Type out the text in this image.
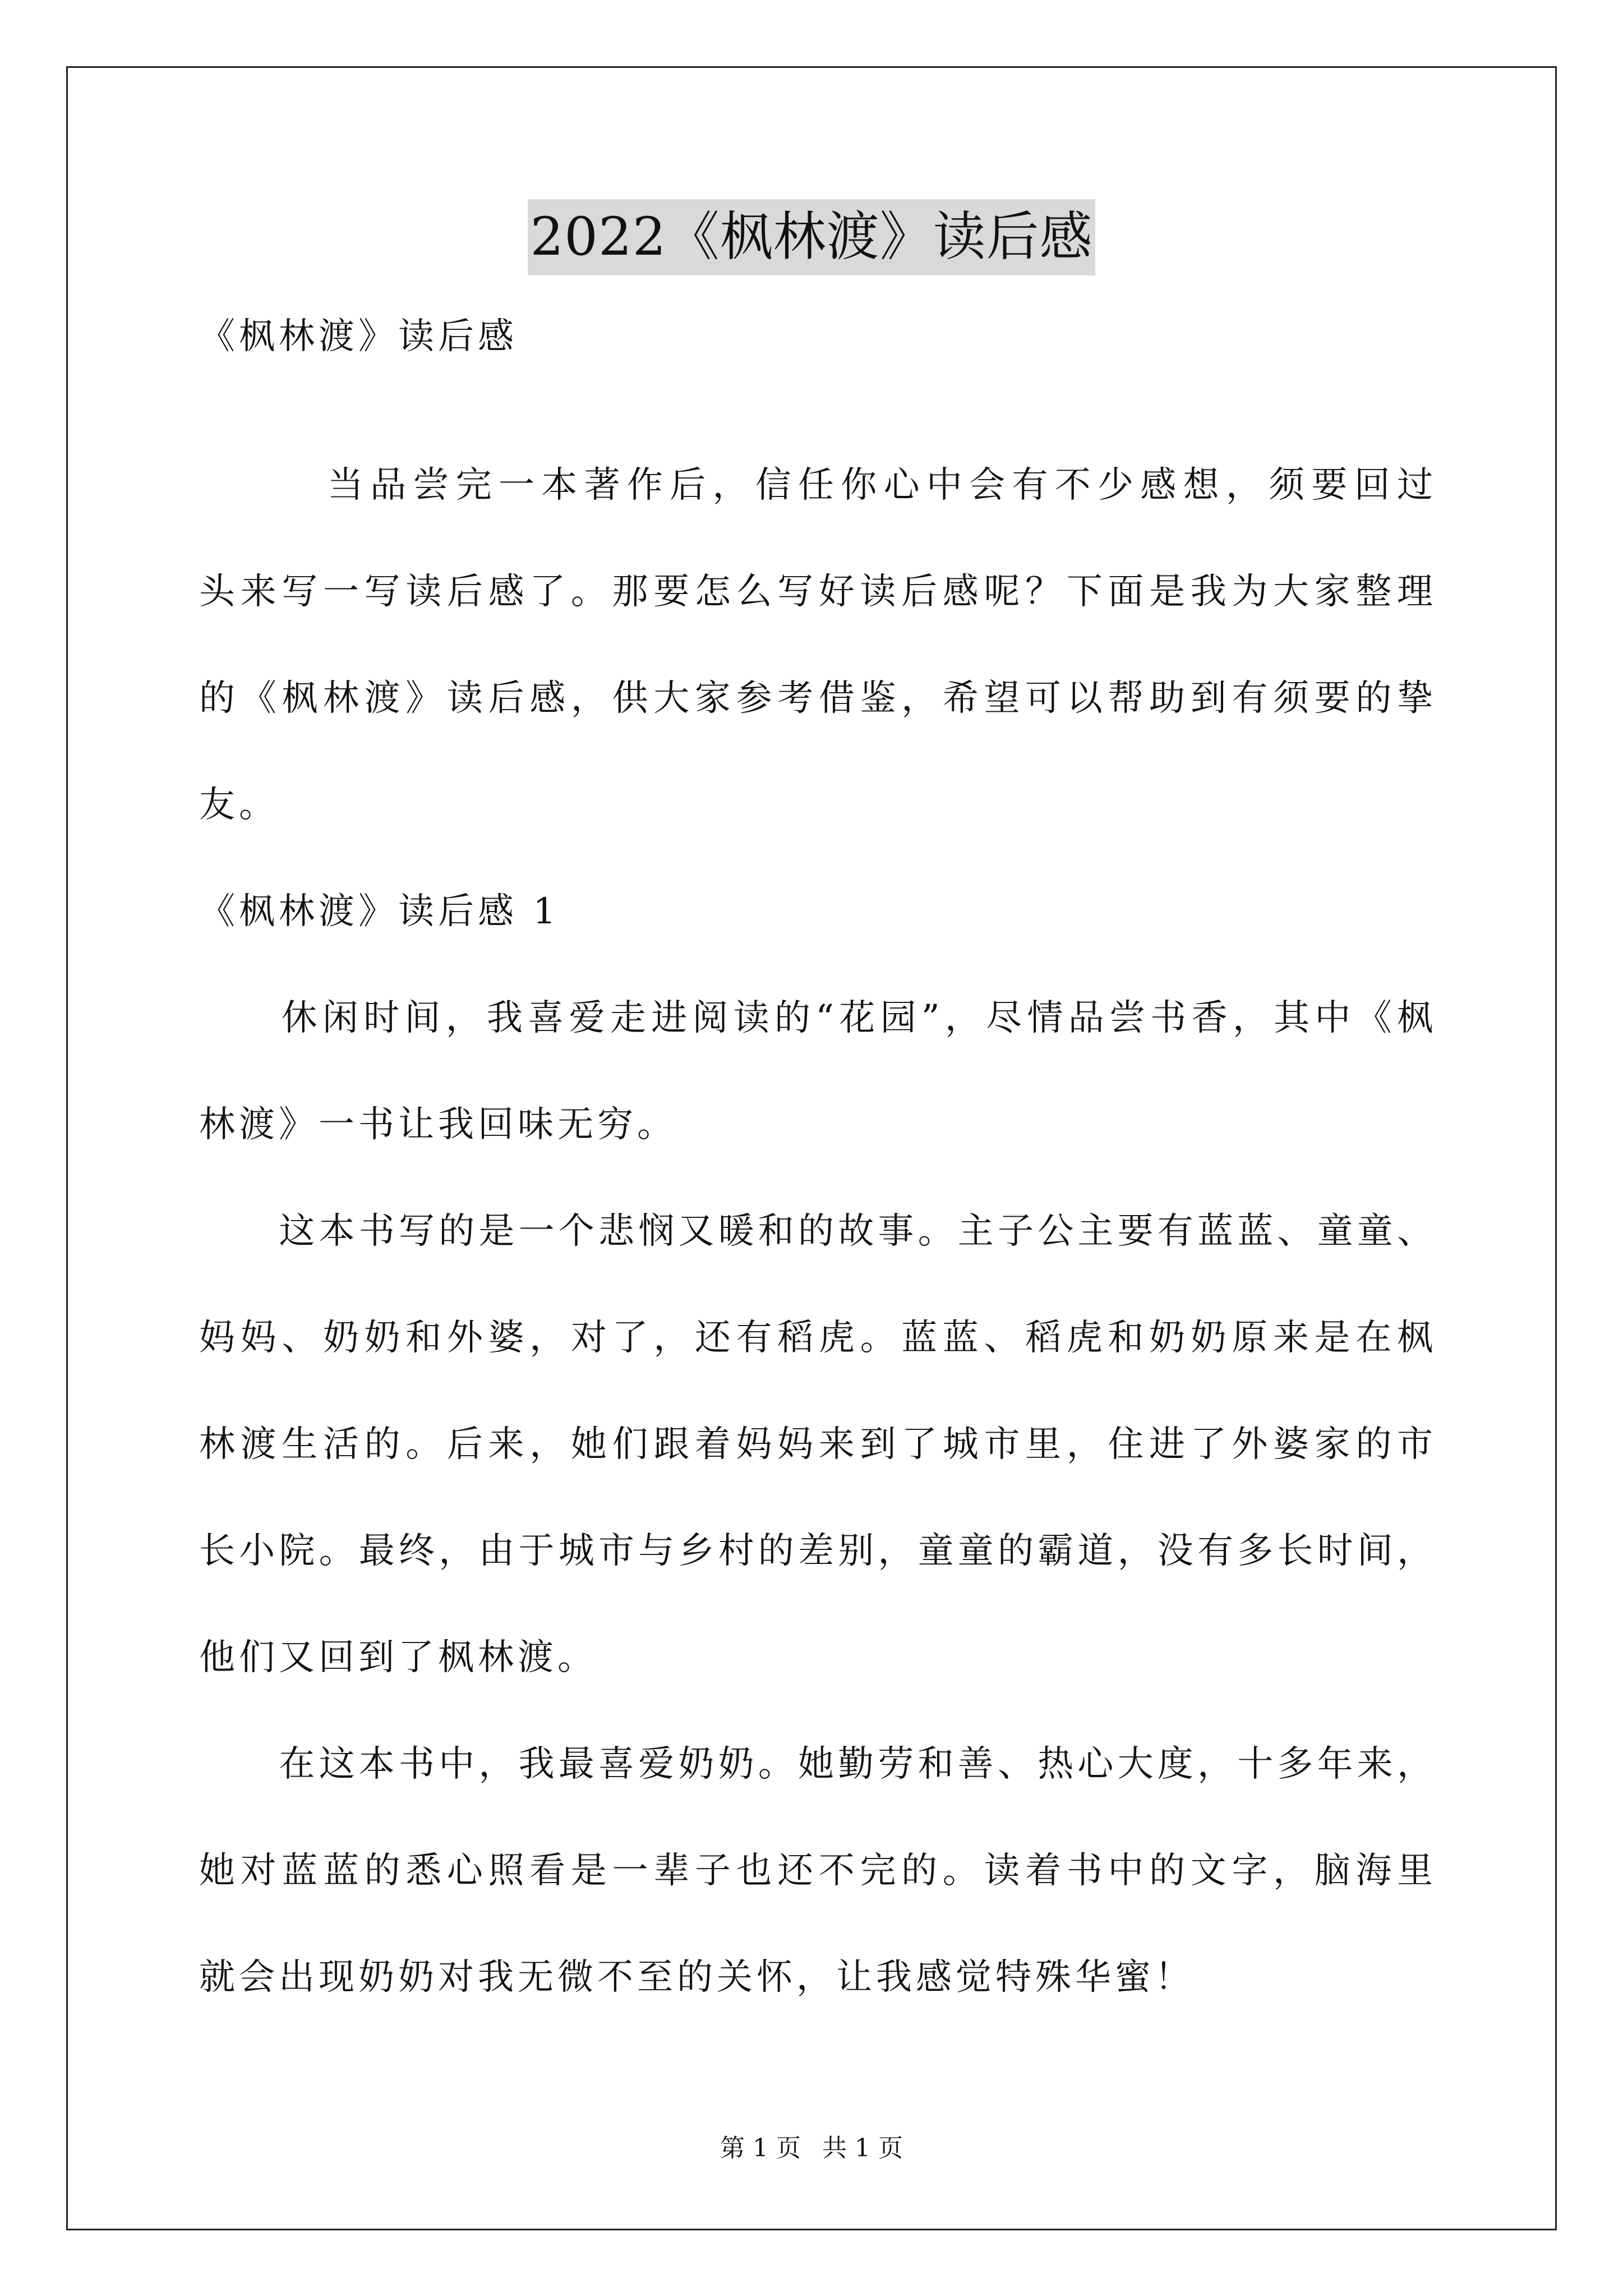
2022《枫林渡》读后感
《枫林渡》读后感
　　　当品尝完一本著作后，信任你心中会有不少感想，须要回过
头来写一写读后感了。那要怎么写好读后感呢？下面是我为大家整理
的《枫林渡》读后感，供大家参考借鉴，希望可以帮助到有须要的挚
友。
《枫林渡》读后感 1
　　休闲时间，我喜爱走进阅读的“花园”，尽情品尝书香，其中《枫
林渡》一书让我回味无穷。
　　这本书写的是一个悲悯又暖和的故事。主子公主要有蓝蓝、童童、
妈妈、奶奶和外婆，对了，还有稻虎。蓝蓝、稻虎和奶奶原来是在枫
林渡生活的。后来，她们跟着妈妈来到了城市里，住进了外婆家的市
长小院。最终，由于城市与乡村的差别，童童的霸道，没有多长时间，
他们又回到了枫林渡。
　　在这本书中，我最喜爱奶奶。她勤劳和善、热心大度，十多年来，
她对蓝蓝的悉心照看是一辈子也还不完的。读着书中的文字，脑海里
就会出现奶奶对我无微不至的关怀，让我感觉特殊华蜜！
第 1 页 共 1 页
